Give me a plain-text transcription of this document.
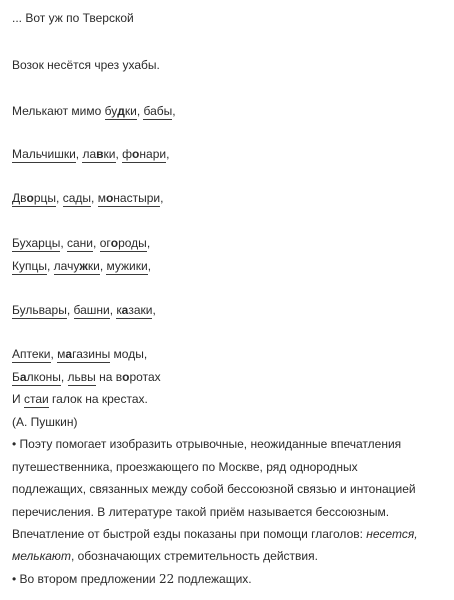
... Вот уж по Тверской
Возок несётся чрез ухабы.
Мелькают мимо будки, бабы,
Мальчишки, лавки, фонари,
Дворцы, сады, монастыри,
Бухарцы, сани, огороды,
Купцы, лачужки, мужики,
Бульвары, башни, казаки,
Аптеки, магазины моды,
Балконы, львы на воротах
И стаи галок на крестах.
(А. Пушкин)
• Поэту помогает изобразить отрывочные, неожиданные впечатления
путешественника, проезжающего по Москве, ряд однородных
подлежащих, связанных между собой бессоюзной связью и интонацией
перечисления. В литературе такой приём называется бессоюзным.
Впечатление от быстрой езды показаны при помощи глаголов: несется,
мелькают, обозначающих стремительность действия.
• Во втором предложении 22 подлежащих.
